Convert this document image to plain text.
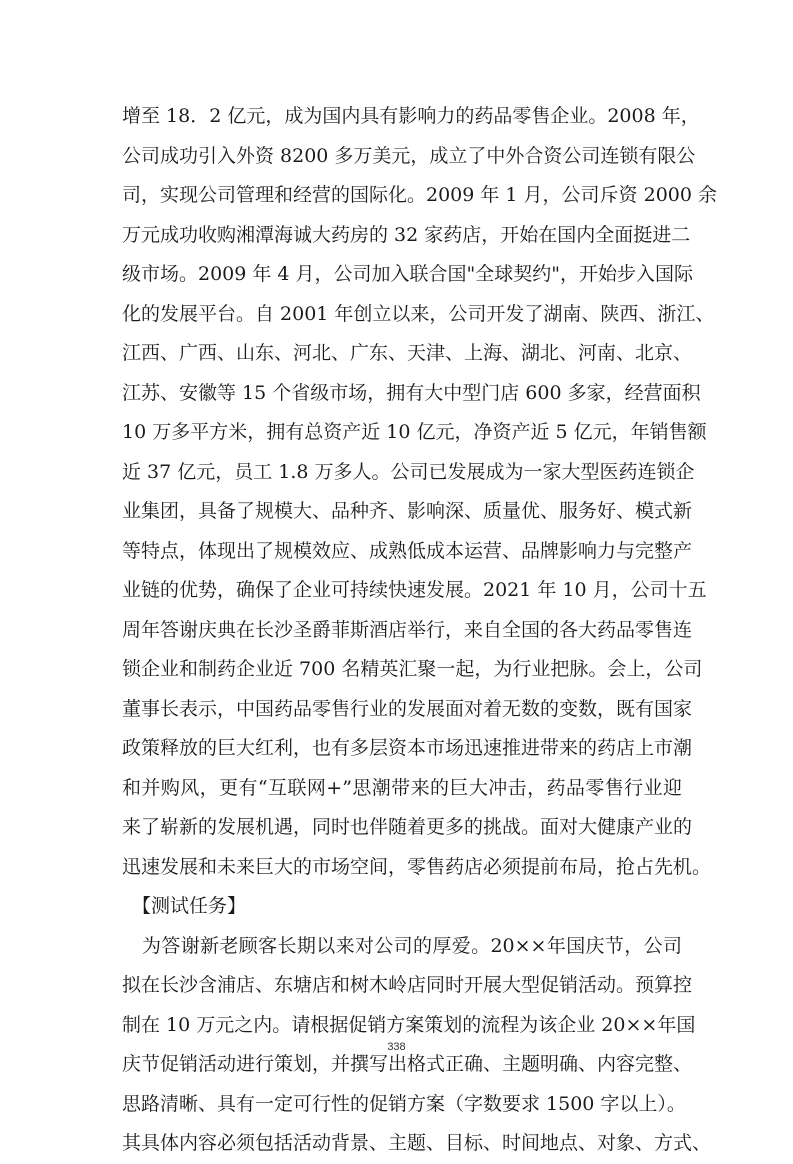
增至 18．2 亿元，成为国内具有影响力的药品零售企业。2008 年，
公司成功引入外资 8200 多万美元，成立了中外合资公司连锁有限公
司，实现公司管理和经营的国际化。2009 年 1 月，公司斥资 2000 余
万元成功收购湘潭海诚大药房的 32 家药店，开始在国内全面挺进二
级市场。2009 年 4 月，公司加入联合国"全球契约"，开始步入国际
化的发展平台。自 2001 年创立以来，公司开发了湖南、陕西、浙江、
江西、广西、山东、河北、广东、天津、上海、湖北、河南、北京、
江苏、安徽等 15 个省级市场，拥有大中型门店 600 多家，经营面积
10 万多平方米，拥有总资产近 10 亿元，净资产近 5 亿元，年销售额
近 37 亿元，员工 1.8 万多人。公司已发展成为一家大型医药连锁企
业集团，具备了规模大、品种齐、影响深、质量优、服务好、模式新
等特点，体现出了规模效应、成熟低成本运营、品牌影响力与完整产
业链的优势，确保了企业可持续快速发展。2021 年 10 月，公司十五
周年答谢庆典在长沙圣爵菲斯酒店举行，来自全国的各大药品零售连
锁企业和制药企业近 700 名精英汇聚一起，为行业把脉。会上，公司
董事长表示，中国药品零售行业的发展面对着无数的变数，既有国家
政策释放的巨大红利，也有多层资本市场迅速推进带来的药店上市潮
和并购风，更有“互联网+”思潮带来的巨大冲击，药品零售行业迎
来了崭新的发展机遇，同时也伴随着更多的挑战。面对大健康产业的
迅速发展和未来巨大的市场空间，零售药店必须提前布局，抢占先机。
【测试任务】
为答谢新老顾客长期以来对公司的厚爱。20××年国庆节，公司
拟在长沙含浦店、东塘店和树木岭店同时开展大型促销活动。预算控
制在 10 万元之内。请根据促销方案策划的流程为该企业 20××年国
庆节促销活动进行策划，并撰写出格式正确、主题明确、内容完整、
思路清晰、具有一定可行性的促销方案（字数要求 1500 字以上）。
其具体内容必须包括活动背景、主题、目标、时间地点、对象、方式、
338
